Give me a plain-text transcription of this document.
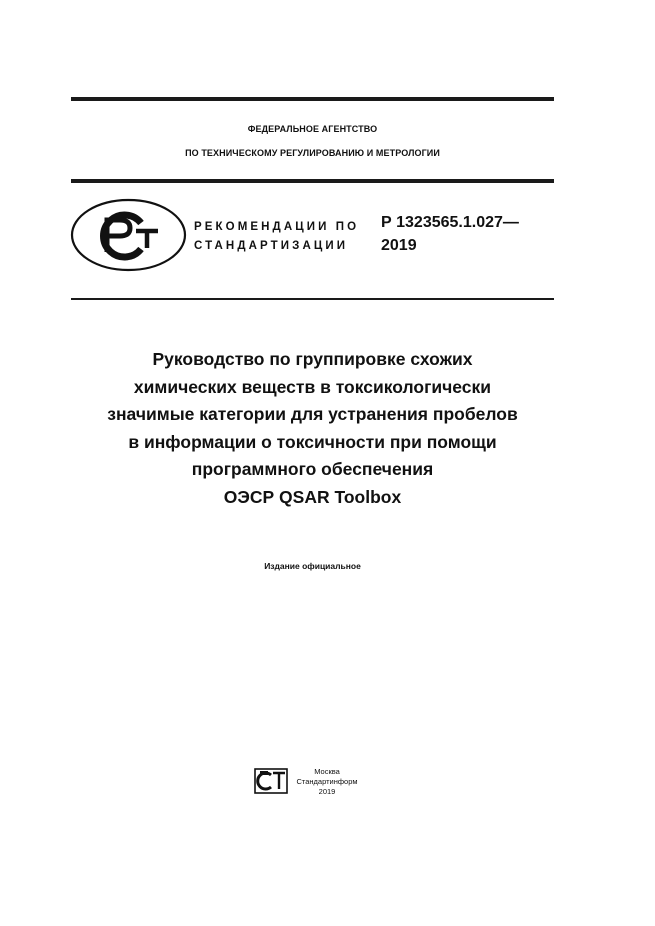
ФЕДЕРАЛЬНОЕ АГЕНТСТВО
ПО ТЕХНИЧЕСКОМУ РЕГУЛИРОВАНИЮ И МЕТРОЛОГИИ
РЕКОМЕНДАЦИИ ПО
СТАНДАРТИЗАЦИИ
Р 1323565.1.027—
2019
Руководство по группировке схожих
химических веществ в токсикологически
значимые категории для устранения пробелов
в информации о токсичности при помощи
программного обеспечения
ОЭСР QSAR Toolbox
Издание официальное
Москва
Стандартинформ
2019
